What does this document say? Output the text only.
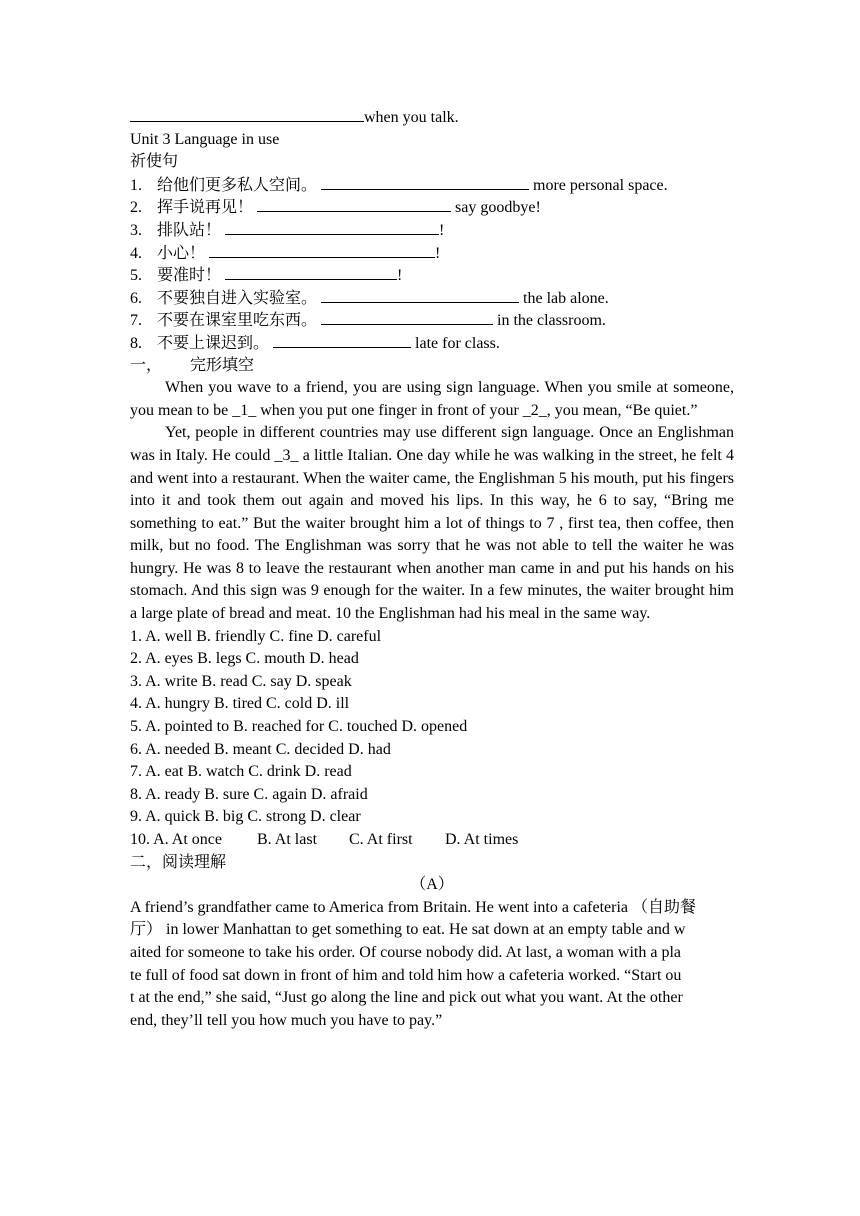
when you talk.
Unit 3 Language in use
祈使句
1. 给他们更多私人空间。	more personal space.
2. 挥手说再见！	say goodbye!
3. 排队站！	!
4. 小心！	!
5. 要准时！	!
6. 不要独自进入实验室。	the lab alone.
7. 不要在课室里吃东西。	in the classroom.
8. 不要上课迟到。	late for class.
一， 完形填空
When you wave to a friend, you are using sign language. When you smile at someone, you mean to be _1_ when you put one finger in front of your _2_, you mean, “Be quiet.”
Yet, people in different countries may use different sign language. Once an Englishman was in Italy. He could _3_ a little Italian. One day while he was walking in the street, he felt 4 and went into a restaurant. When the waiter came, the Englishman 5 his mouth, put his fingers into it and took them out again and moved his lips. In this way, he 6 to say, “Bring me something to eat.” But the waiter brought him a lot of things to 7 , first tea, then coffee, then milk, but no food. The Englishman was sorry that he was not able to tell the waiter he was hungry. He was 8 to leave the restaurant when another man came in and put his hands on his stomach. And this sign was 9 enough for the waiter. In a few minutes, the waiter brought him a large plate of bread and meat. 10 the Englishman had his meal in the same way.
1. A. well B. friendly C. fine D. careful
2. A. eyes B. legs C. mouth D. head
3. A. write B. read C. say D. speak
4. A. hungry B. tired C. cold D. ill
5. A. pointed to B. reached for C. touched D. opened
6. A. needed B. meant C. decided D. had
7. A. eat B. watch C. drink D. read
8. A. ready B. sure C. again D. afraid
9. A. quick B. big C. strong D. clear
10. A. At once B. At last C. At first D. At times
二，阅读理解
（A）
A friend’s grandfather came to America from Britain. He went into a cafeteria （自助餐
厅） in lower Manhattan to get something to eat. He sat down at an empty table and w
aited for someone to take his order. Of course nobody did. At last, a woman with a pla
te full of food sat down in front of him and told him how a cafeteria worked. “Start ou
t at the end,” she said, “Just go along the line and pick out what you want. At the other
end, they’ll tell you how much you have to pay.”
